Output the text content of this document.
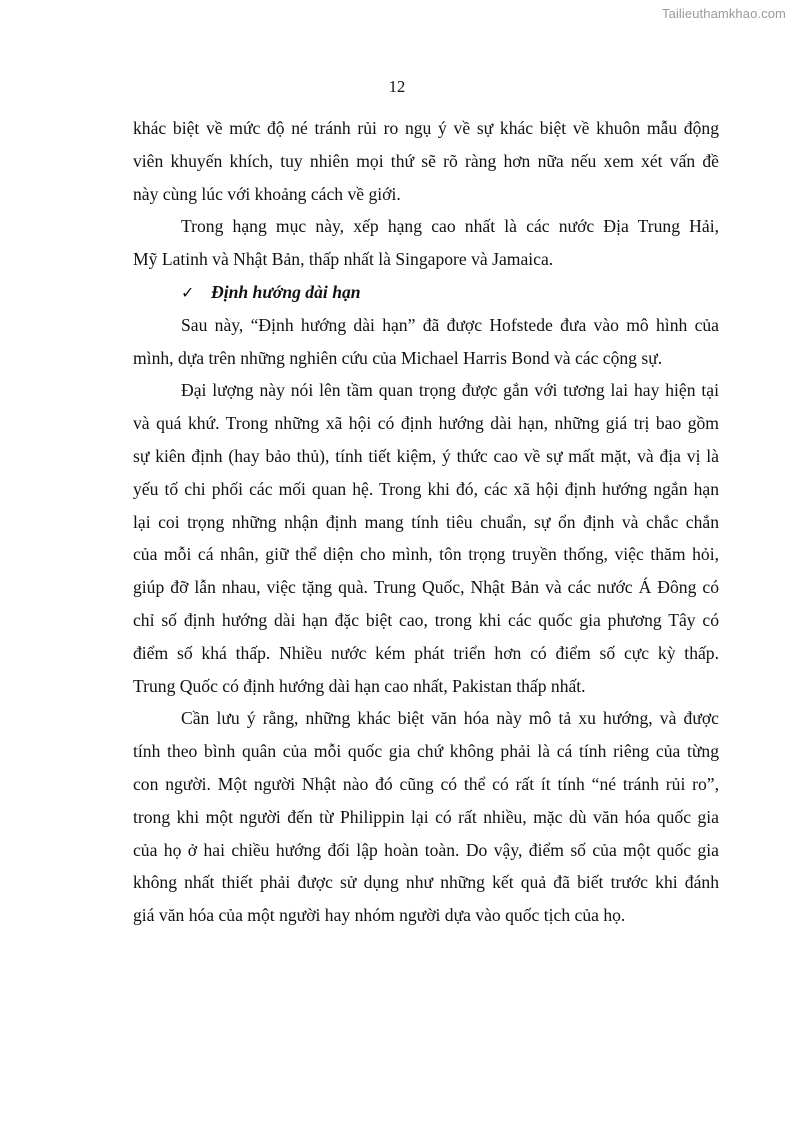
Tailieuthamkhao.com
12
khác biệt về mức độ né tránh rủi ro ngụ ý về sự khác biệt về khuôn mẫu động
viên khuyến khích, tuy nhiên mọi thứ sẽ rõ ràng hơn nữa nếu xem xét vấn đề
này cùng lúc với khoảng cách về giới.
Trong hạng mục này, xếp hạng cao nhất là các nước Địa Trung Hải,
Mỹ Latinh và Nhật Bản, thấp nhất là Singapore và Jamaica.
✓ Định hướng dài hạn
Sau này, “Định hướng dài hạn” đã được Hofstede đưa vào mô hình của
mình, dựa trên những nghiên cứu của Michael Harris Bond và các cộng sự.
Đại lượng này nói lên tầm quan trọng được gắn với tương lai hay hiện tại
và quá khứ. Trong những xã hội có định hướng dài hạn, những giá trị bao gồm
sự kiên định (hay bảo thủ), tính tiết kiệm, ý thức cao về sự mất mặt, và địa vị là
yếu tố chi phối các mối quan hệ. Trong khi đó, các xã hội định hướng ngắn hạn
lại coi trọng những nhận định mang tính tiêu chuẩn, sự ổn định và chắc chắn
của mỗi cá nhân, giữ thể diện cho mình, tôn trọng truyền thống, việc thăm hỏi,
giúp đỡ lẫn nhau, việc tặng quà. Trung Quốc, Nhật Bản và các nước Á Đông có
chỉ số định hướng dài hạn đặc biệt cao, trong khi các quốc gia phương Tây có
điểm số khá thấp. Nhiều nước kém phát triển hơn có điểm số cực kỳ thấp.
Trung Quốc có định hướng dài hạn cao nhất, Pakistan thấp nhất.
Cần lưu ý rằng, những khác biệt văn hóa này mô tả xu hướng, và được
tính theo bình quân của mỗi quốc gia chứ không phải là cá tính riêng của từng
con người. Một người Nhật nào đó cũng có thể có rất ít tính “né tránh rủi ro”,
trong khi một người đến từ Philippin lại có rất nhiều, mặc dù văn hóa quốc gia
của họ ở hai chiều hướng đối lập hoàn toàn. Do vậy, điểm số của một quốc gia
không nhất thiết phải được sử dụng như những kết quả đã biết trước khi đánh
giá văn hóa của một người hay nhóm người dựa vào quốc tịch của họ.
